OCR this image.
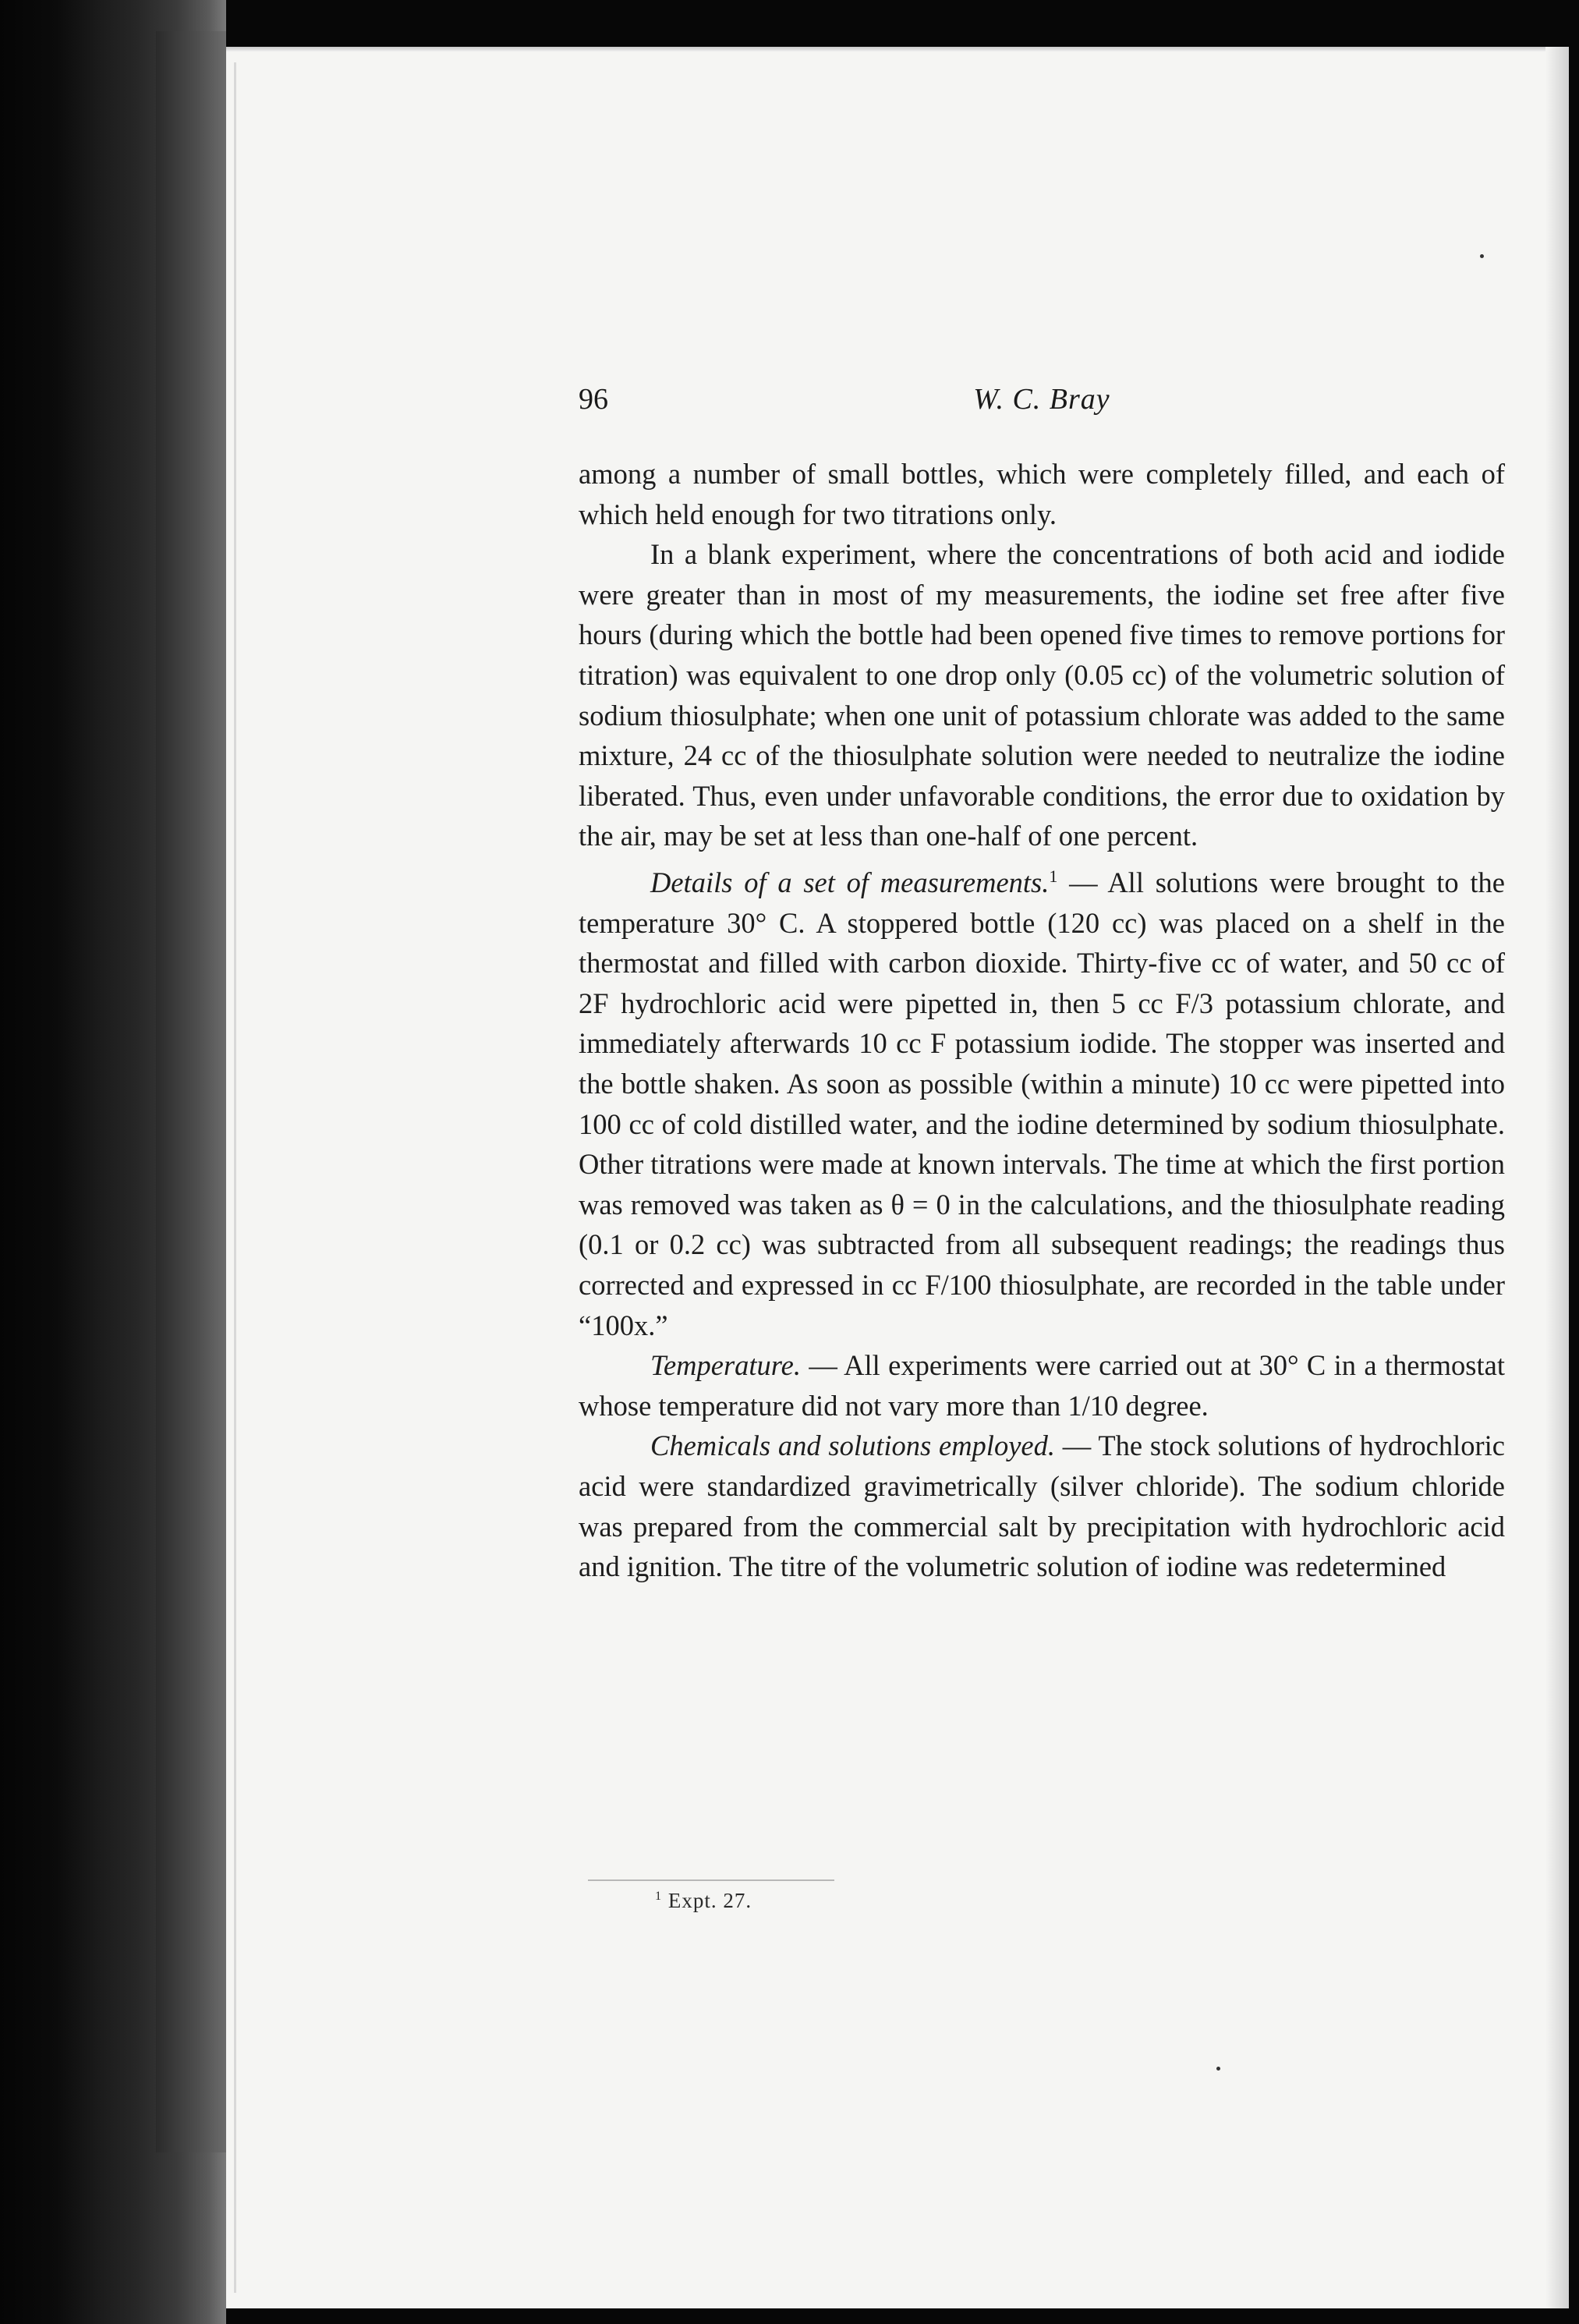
96	W. C. Bray

among a number of small bottles, which were completely filled, and each of which held enough for two titrations only.

In a blank experiment, where the concentrations of both acid and iodide were greater than in most of my measurements, the iodine set free after five hours (during which the bottle had been opened five times to remove portions for titration) was equivalent to one drop only (0.05 cc) of the volumetric solution of sodium thiosulphate; when one unit of potassium chlorate was added to the same mixture, 24 cc of the thiosulphate solution were needed to neutralize the iodine liberated. Thus, even under unfavorable conditions, the error due to oxidation by the air, may be set at less than one-half of one percent.

Details of a set of measurements.$^1$ — All solutions were brought to the temperature 30° C. A stoppered bottle (120 cc) was placed on a shelf in the thermostat and filled with carbon dioxide. Thirty-five cc of water, and 50 cc of 2F hydrochloric acid were pipetted in, then 5 cc F/3 potassium chlorate, and immediately afterwards 10 cc F potassium iodide. The stopper was inserted and the bottle shaken. As soon as possible (within a minute) 10 cc were pipetted into 100 cc of cold distilled water, and the iodine determined by sodium thiosulphate. Other titrations were made at known intervals. The time at which the first portion was removed was taken as θ = 0 in the calculations, and the thiosulphate reading (0.1 or 0.2 cc) was subtracted from all subsequent readings; the readings thus corrected and expressed in cc F/100 thiosulphate, are recorded in the table under “100x.”

Temperature. — All experiments were carried out at 30° C in a thermostat whose temperature did not vary more than 1/10 degree.

Chemicals and solutions employed. — The stock solutions of hydrochloric acid were standardized gravimetrically (silver chloride). The sodium chloride was prepared from the commercial salt by precipitation with hydrochloric acid and ignition. The titre of the volumetric solution of iodine was redetermined

$^1$ Expt. 27.
